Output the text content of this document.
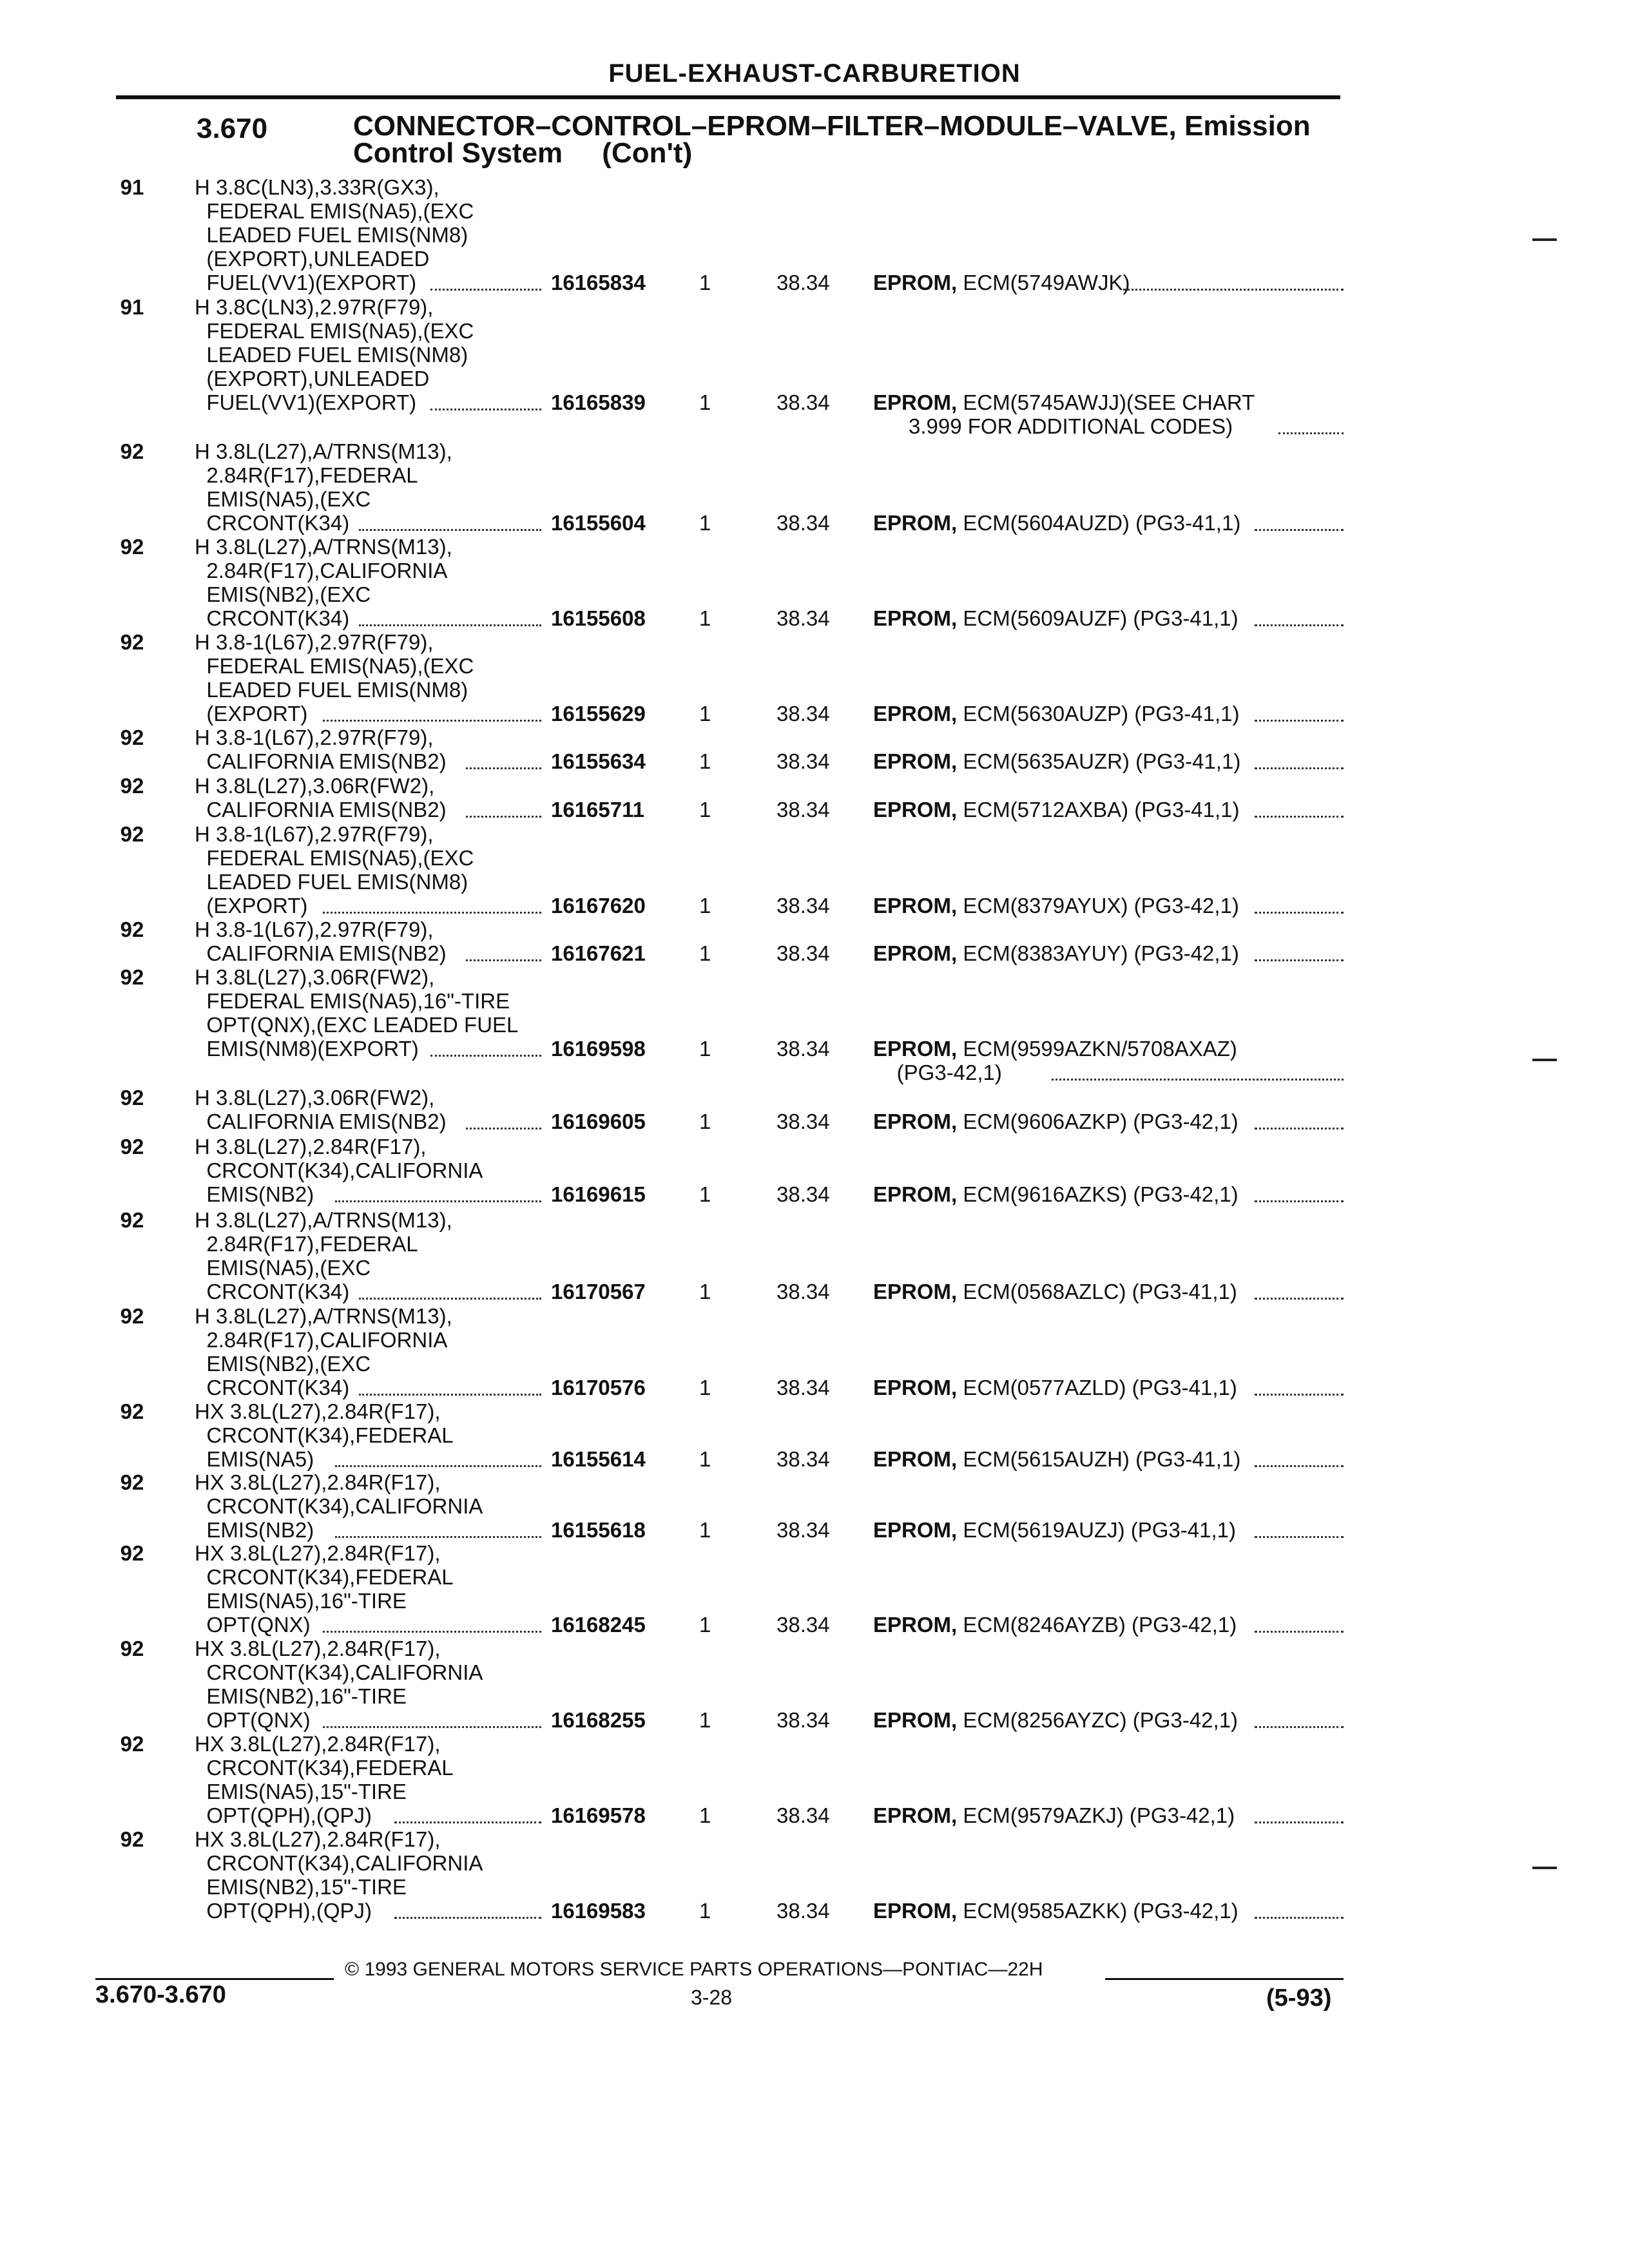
FUEL-EXHAUST-CARBURETION
3.670	CONNECTOR–CONTROL–EPROM–FILTER–MODULE–VALVE, Emission
Control System     (Con't)
91	H 3.8C(LN3),3.33R(GX3),
FEDERAL EMIS(NA5),(EXC
LEADED FUEL EMIS(NM8)
(EXPORT),UNLEADED
FUEL(VV1)(EXPORT)	16165834	1	38.34 EPROM, ECM(5749AWJK)
91	H 3.8C(LN3),2.97R(F79),
FEDERAL EMIS(NA5),(EXC
LEADED FUEL EMIS(NM8)
(EXPORT),UNLEADED
FUEL(VV1)(EXPORT)	16165839	1	38.34 EPROM, ECM(5745AWJJ)(SEE CHART
3.999 FOR ADDITIONAL CODES)
92	H 3.8L(L27),A/TRNS(M13),
2.84R(F17),FEDERAL
EMIS(NA5),(EXC
CRCONT(K34)	16155604	1	38.34 EPROM, ECM(5604AUZD) (PG3-41,1)
92	H 3.8L(L27),A/TRNS(M13),
2.84R(F17),CALIFORNIA
EMIS(NB2),(EXC
CRCONT(K34)	16155608	1	38.34 EPROM, ECM(5609AUZF) (PG3-41,1)
92	H 3.8-1(L67),2.97R(F79),
FEDERAL EMIS(NA5),(EXC
LEADED FUEL EMIS(NM8)
(EXPORT)	16155629	1	38.34 EPROM, ECM(5630AUZP) (PG3-41,1)
92	H 3.8-1(L67),2.97R(F79),
CALIFORNIA EMIS(NB2)	16155634	1	38.34 EPROM, ECM(5635AUZR) (PG3-41,1)
92	H 3.8L(L27),3.06R(FW2),
CALIFORNIA EMIS(NB2)	16165711	1	38.34 EPROM, ECM(5712AXBA) (PG3-41,1)
92	H 3.8-1(L67),2.97R(F79),
FEDERAL EMIS(NA5),(EXC
LEADED FUEL EMIS(NM8)
(EXPORT)	16167620	1	38.34 EPROM, ECM(8379AYUX) (PG3-42,1)
92	H 3.8-1(L67),2.97R(F79),
CALIFORNIA EMIS(NB2)	16167621	1	38.34 EPROM, ECM(8383AYUY) (PG3-42,1)
92	H 3.8L(L27),3.06R(FW2),
FEDERAL EMIS(NA5),16"-TIRE
OPT(QNX),(EXC LEADED FUEL
EMIS(NM8)(EXPORT)	16169598	1	38.34 EPROM, ECM(9599AZKN/5708AXAZ)
(PG3-42,1)
92	H 3.8L(L27),3.06R(FW2),
CALIFORNIA EMIS(NB2)	16169605	1	38.34 EPROM, ECM(9606AZKP) (PG3-42,1)
92	H 3.8L(L27),2.84R(F17),
CRCONT(K34),CALIFORNIA
EMIS(NB2)	16169615	1	38.34 EPROM, ECM(9616AZKS) (PG3-42,1)
92	H 3.8L(L27),A/TRNS(M13),
2.84R(F17),FEDERAL
EMIS(NA5),(EXC
CRCONT(K34)	16170567	1	38.34 EPROM, ECM(0568AZLC) (PG3-41,1)
92	H 3.8L(L27),A/TRNS(M13),
2.84R(F17),CALIFORNIA
EMIS(NB2),(EXC
CRCONT(K34)	16170576	1	38.34 EPROM, ECM(0577AZLD) (PG3-41,1)
92	HX 3.8L(L27),2.84R(F17),
CRCONT(K34),FEDERAL
EMIS(NA5)	16155614	1	38.34 EPROM, ECM(5615AUZH) (PG3-41,1)
92	HX 3.8L(L27),2.84R(F17),
CRCONT(K34),CALIFORNIA
EMIS(NB2)	16155618	1	38.34 EPROM, ECM(5619AUZJ) (PG3-41,1)
92	HX 3.8L(L27),2.84R(F17),
CRCONT(K34),FEDERAL
EMIS(NA5),16"-TIRE
OPT(QNX)	16168245	1	38.34 EPROM, ECM(8246AYZB) (PG3-42,1)
92	HX 3.8L(L27),2.84R(F17),
CRCONT(K34),CALIFORNIA
EMIS(NB2),16"-TIRE
OPT(QNX)	16168255	1	38.34 EPROM, ECM(8256AYZC) (PG3-42,1)
92	HX 3.8L(L27),2.84R(F17),
CRCONT(K34),FEDERAL
EMIS(NA5),15"-TIRE
OPT(QPH),(QPJ)	16169578	1	38.34 EPROM, ECM(9579AZKJ) (PG3-42,1)
92	HX 3.8L(L27),2.84R(F17),
CRCONT(K34),CALIFORNIA
EMIS(NB2),15"-TIRE
OPT(QPH),(QPJ)	16169583	1	38.34 EPROM, ECM(9585AZKK) (PG3-42,1)
© 1993 GENERAL MOTORS SERVICE PARTS OPERATIONS—PONTIAC—22H
3.670-3.670	3-28	(5-93)
